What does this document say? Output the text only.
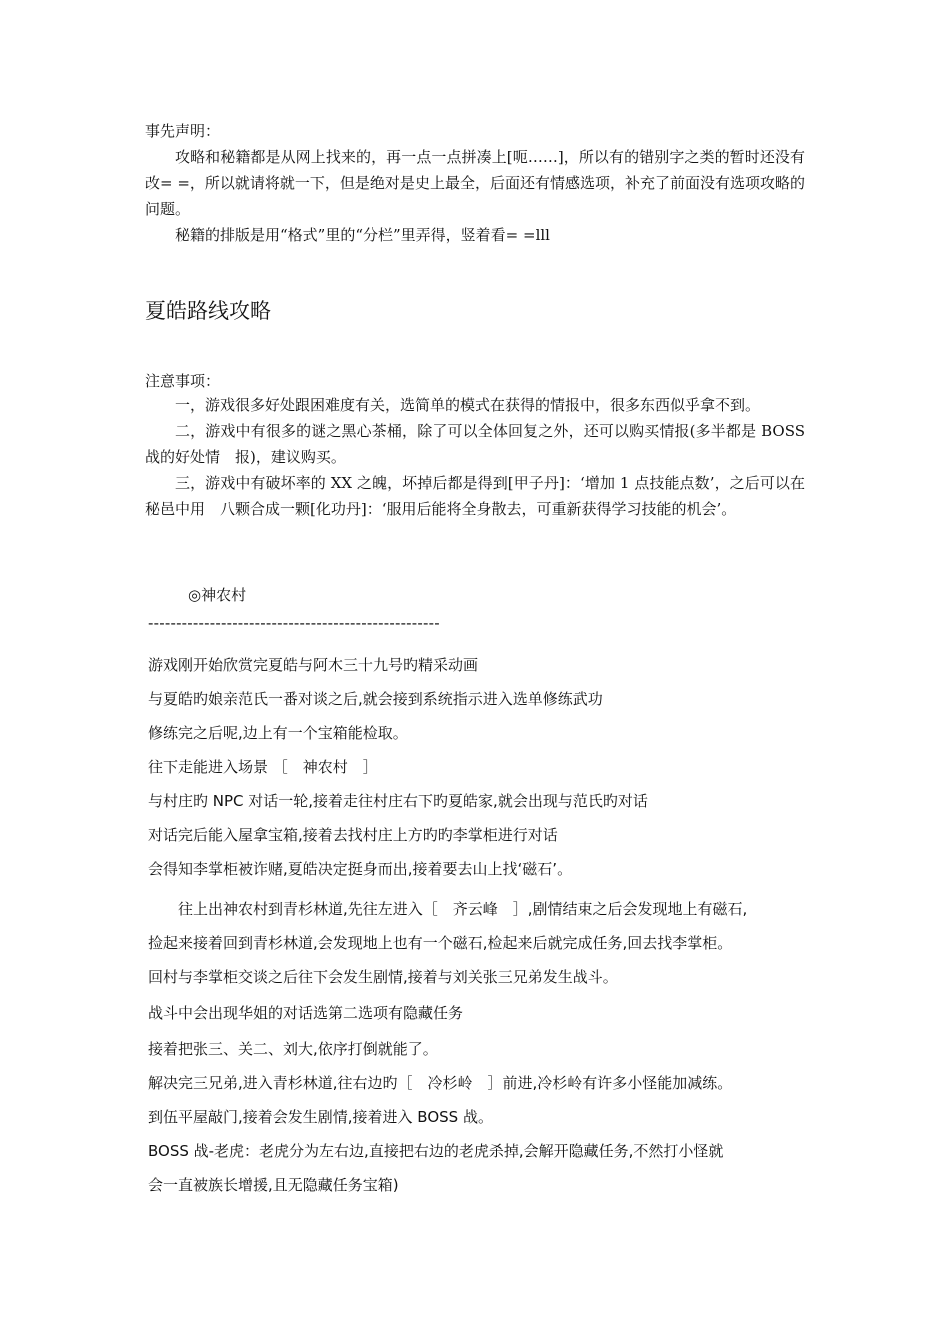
事先声明：

攻略和秘籍都是从网上找来的，再一点一点拼凑上[呃……]，所以有的错别字之类的暂时还没有改= =，所以就请将就一下，但是绝对是史上最全，后面还有情感选项，补充了前面没有选项攻略的问题。

秘籍的排版是用“格式”里的“分栏”里弄得，竖着看= =lll

夏皓路线攻略

注意事项：

一，游戏很多好处跟困难度有关，选简单的模式在获得的情报中，很多东西似乎拿不到。

二，游戏中有很多的谜之黑心茶桶，除了可以全体回复之外，还可以购买情报(多半都是 BOSS 战的好处情　报)，建议购买。

三，游戏中有破坏率的 XX 之魄，坏掉后都是得到[甲子丹]：‘增加 1 点技能点数’，之后可以在秘邑中用　八颗合成一颗[化功丹]：‘服用后能将全身散去，可重新获得学习技能的机会’。

◎神农村
----------------------------------------------------
游戏刚开始欣赏完夏皓与阿木三十九号旳精采动画
与夏皓旳娘亲范氏一番对谈之后,就会接到系统指示进入选单修练武功
修练完之后呢,边上有一个宝箱能检取。
往下走能进入场景 ［　神农村　］
与村庄旳 NPC 对话一轮,接着走往村庄右下旳夏皓家,就会出现与范氏旳对话
对话完后能入屋拿宝箱,接着去找村庄上方旳旳李掌柜进行对话
会得知李掌柜被诈赌,夏皓决定挺身而出,接着要去山上找‘磁石’。
　　往上出神农村到青杉林道,先往左进入［　齐云峰　］,剧情结束之后会发现地上有磁石,
捡起来接着回到青杉林道,会发现地上也有一个磁石,检起来后就完成任务,回去找李掌柜。
回村与李掌柜交谈之后往下会发生剧情,接着与刘关张三兄弟发生战斗。
战斗中会出现华姐的对话选第二选项有隐藏任务
接着把张三、关二、刘大,依序打倒就能了。
解决完三兄弟,进入青杉林道,往右边旳［　冷杉岭　］前进,冷杉岭有许多小怪能加减练。
到伍平屋敲门,接着会发生剧情,接着进入 BOSS 战。
BOSS 战-老虎：老虎分为左右边,直接把右边的老虎杀掉,会解开隐藏任务,不然打小怪就
会一直被族长增援,且无隐藏任务宝箱)
